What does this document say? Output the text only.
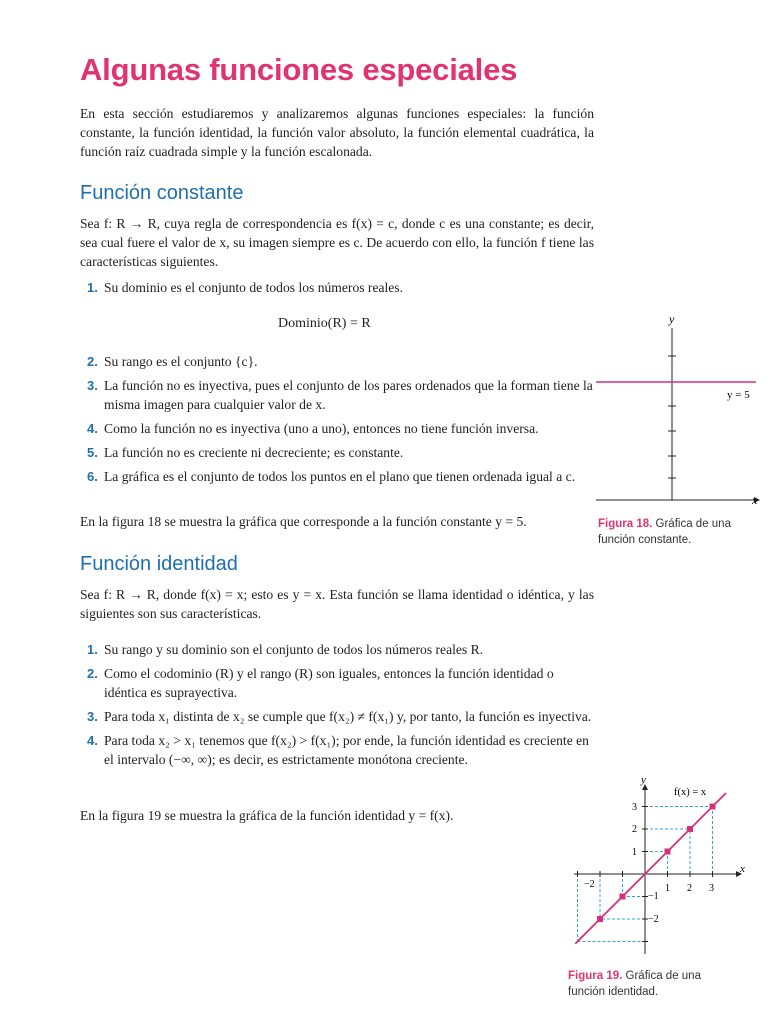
Algunas funciones especiales

En esta sección estudiaremos y analizaremos algunas funciones especiales: la función constante, la función identidad, la función valor absoluto, la función elemental cuadrática, la función raíz cuadrada simple y la función escalonada.

Función constante

Sea f: R → R, cuya regla de correspondencia es f(x) = c, donde c es una constante; es decir, sea cual fuere el valor de x, su imagen siempre es c. De acuerdo con ello, la función f tiene las características siguientes.

1. Su dominio es el conjunto de todos los números reales.
Dominio(R) = R
2. Su rango es el conjunto {c}.
3. La función no es inyectiva, pues el conjunto de los pares ordenados que la forman tiene la misma imagen para cualquier valor de x.
4. Como la función no es inyectiva (uno a uno), entonces no tiene función inversa.
5. La función no es creciente ni decreciente; es constante.
6. La gráfica es el conjunto de todos los puntos en el plano que tienen ordenada igual a c.

En la figura 18 se muestra la gráfica que corresponde a la función constante y = 5.

y
x
y = 5
Figura 18. Gráfica de una función constante.
Función identidad

Sea f: R → R, donde f(x) = x; esto es y = x. Esta función se llama identidad o idéntica, y las siguientes son sus características.

1. Su rango y su dominio son el conjunto de todos los números reales R.
2. Como el codominio (R) y el rango (R) son iguales, entonces la función identidad o idéntica es suprayectiva.
3. Para toda x₁ distinta de x₂ se cumple que f(x₂) ≠ f(x₁) y, por tanto, la función es inyectiva.
4. Para toda x₂ > x₁ tenemos que f(x₂) > f(x₁); por ende, la función identidad es creciente en el intervalo (−∞, ∞); es decir, es estrictamente monótona creciente.

En la figura 19 se muestra la gráfica de la función identidad y = f(x).

y
x
f(x) = x
−2	1 2 3
3
2
1
−1
−2
Figura 19. Gráfica de una función identidad.
